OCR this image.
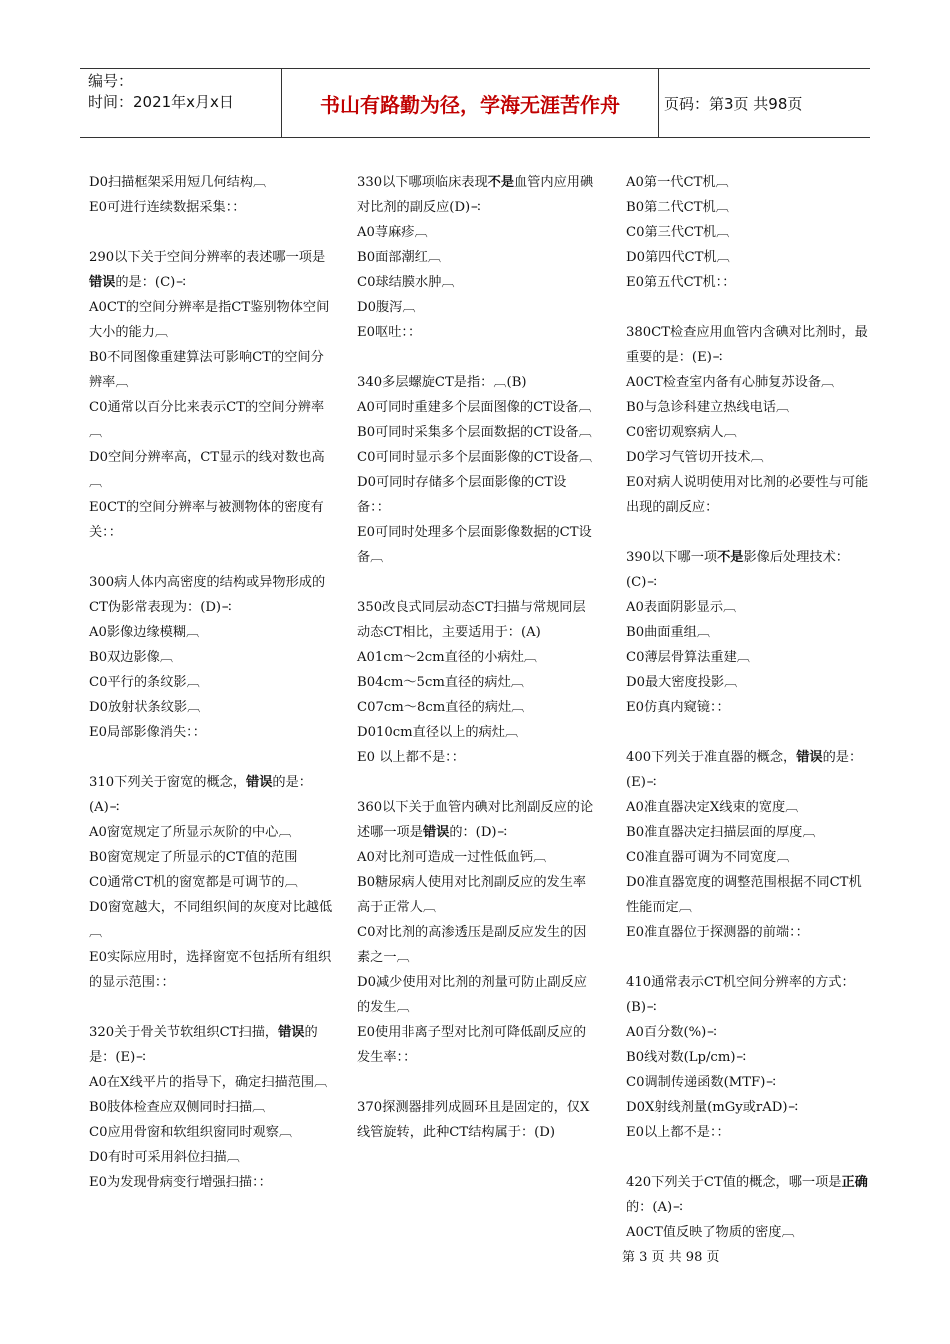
编号：
时间：2021年x月x日	书山有路勤为径，学海无涯苦作舟	页码：第3页 共98页
D0扫描框架采用短几何结构︹
E0可进行连续数据采集：：
290以下关于空间分辨率的表述哪一项是错误的是：(C)∹
A0CT的空间分辨率是指CT鉴别物体空间大小的能力︹
B0不同图像重建算法可影响CT的空间分辨率︹
C0通常以百分比来表示CT的空间分辨率︹
D0空间分辨率高，CT显示的线对数也高︹
E0CT的空间分辨率与被测物体的密度有关：：
300病人体内高密度的结构或异物形成的CT伪影常表现为：(D)∹
A0影像边缘模糊︹
B0双边影像︹
C0平行的条纹影︹
D0放射状条纹影︹
E0局部影像消失：：
310下列关于窗宽的概念，错误的是：(A)∹
A0窗宽规定了所显示灰阶的中心︹
B0窗宽规定了所显示的CT值的范围
C0通常CT机的窗宽都是可调节的︹
D0窗宽越大，不同组织间的灰度对比越低︹
E0实际应用时，选择窗宽不包括所有组织的显示范围：：
320关于骨关节软组织CT扫描，错误的是：(E)∹
A0在X线平片的指导下，确定扫描范围︹
B0肢体检查应双侧同时扫描︹
C0应用骨窗和软组织窗同时观察︹
D0有时可采用斜位扫描︹
E0为发现骨病变行增强扫描：：
330以下哪项临床表现不是血管内应用碘对比剂的副反应(D)∹
A0荨麻疹︹
B0面部潮红︹
C0球结膜水肿︹
D0腹泻︹
E0呕吐：：
340多层螺旋CT是指：︹(B)
A0可同时重建多个层面图像的CT设备︹
B0可同时采集多个层面数据的CT设备︹
C0可同时显示多个层面影像的CT设备︹
D0可同时存储多个层面影像的CT设备：：
E0可同时处理多个层面影像数据的CT设备︹
350改良式同层动态CT扫描与常规同层动态CT相比，主要适用于：(A)
A01cm～2cm直径的小病灶︹
B04cm～5cm直径的病灶︹
C07cm～8cm直径的病灶︹
D010cm直径以上的病灶︹
E0 以上都不是：：
360以下关于血管内碘对比剂副反应的论述哪一项是错误的：(D)∹
A0对比剂可造成一过性低血钙︹
B0糖尿病人使用对比剂副反应的发生率高于正常人︹
C0对比剂的高渗透压是副反应发生的因素之一︹
D0减少使用对比剂的剂量可防止副反应的发生︹
E0使用非离子型对比剂可降低副反应的发生率：：
370探测器排列成圆环且是固定的，仅X线管旋转，此种CT结构属于：(D)
A0第一代CT机︹
B0第二代CT机︹
C0第三代CT机︹
D0第四代CT机︹
E0第五代CT机：：
380CT检查应用血管内含碘对比剂时，最重要的是：(E)∹
A0CT检查室内备有心肺复苏设备︹
B0与急诊科建立热线电话︹
C0密切观察病人︹
D0学习气管切开技术︹
E0对病人说明使用对比剂的必要性与可能出现的副反应：
390以下哪一项不是影像后处理技术：(C)∹
A0表面阴影显示︹
B0曲面重组︹
C0薄层骨算法重建︹
D0最大密度投影︹
E0仿真内窥镜：：
400下列关于准直器的概念，错误的是：(E)∹
A0准直器决定X线束的宽度︹
B0准直器决定扫描层面的厚度︹
C0准直器可调为不同宽度︹
D0准直器宽度的调整范围根据不同CT机性能而定︹
E0准直器位于探测器的前端：：
410通常表示CT机空间分辨率的方式：(B)∹
A0百分数(%)∹
B0线对数(Lp/cm)∹
C0调制传递函数(MTF)∹
D0X射线剂量(mGy或rAD)∹
E0以上都不是：：
420下列关于CT值的概念，哪一项是正确的：(A)∹
A0CT值反映了物质的密度︹
第 3 页 共 98 页
